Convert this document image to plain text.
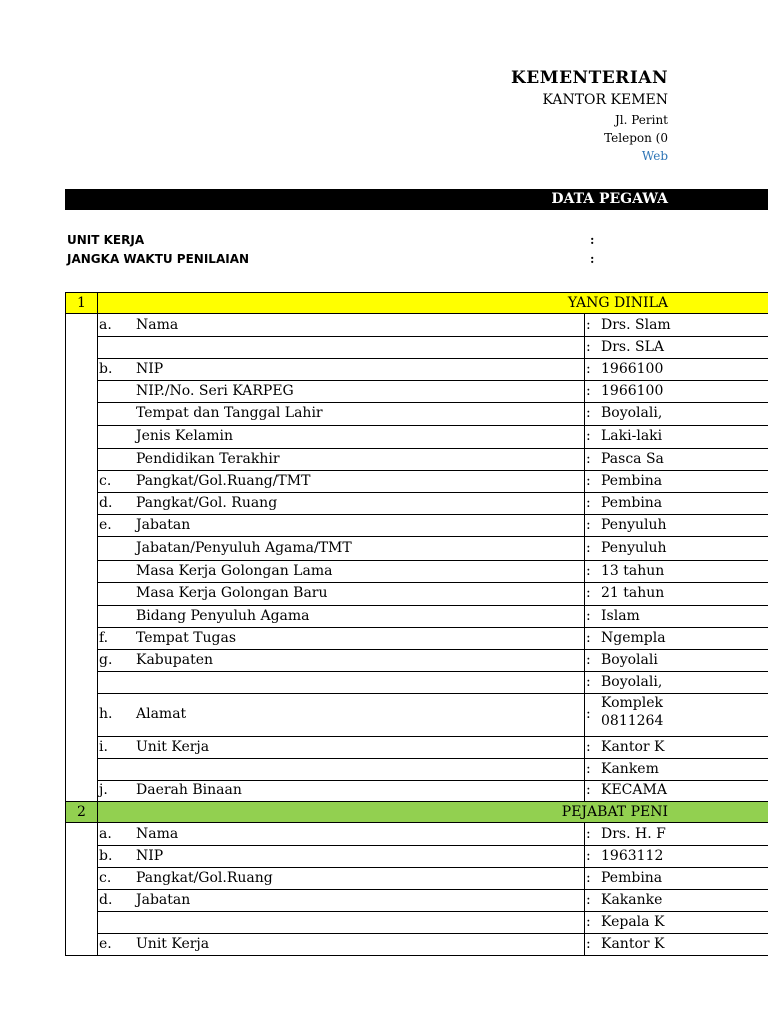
KEMENTERIAN
KANTOR KEMEN
Jl. Perint
Telepon (0
Web
DATA PEGAWA
UNIT KERJA	:
JANGKA WAKTU PENILAIAN	:
1	YANG DINILA
a. Nama	: Drs. Slam
: Drs. SLA
b. NIP	: 1966100
NIP./No. Seri KARPEG	: 1966100
Tempat dan Tanggal Lahir	: Boyolali,
Jenis Kelamin	: Laki-laki
Pendidikan Terakhir	: Pasca Sa
c. Pangkat/Gol.Ruang/TMT	: Pembina
d. Pangkat/Gol. Ruang	: Pembina
e. Jabatan	: Penyuluh
Jabatan/Penyuluh Agama/TMT	: Penyuluh
Masa Kerja Golongan Lama	: 13 tahun
Masa Kerja Golongan Baru	: 21 tahun
Bidang Penyuluh Agama	: Islam
f. Tempat Tugas	: Ngempla
g. Kabupaten	: Boyolali
: Boyolali,
h. Alamat	:
Komplek
0811264
i. Unit Kerja	: Kantor K
: Kankem
j. Daerah Binaan	: KECAMA
2	PEJABAT PENI
a. Nama	: Drs. H. F
b. NIP	: 1963112
c. Pangkat/Gol.Ruang	: Pembina
d. Jabatan	: Kakanke
: Kepala K
e. Unit Kerja	: Kantor K
